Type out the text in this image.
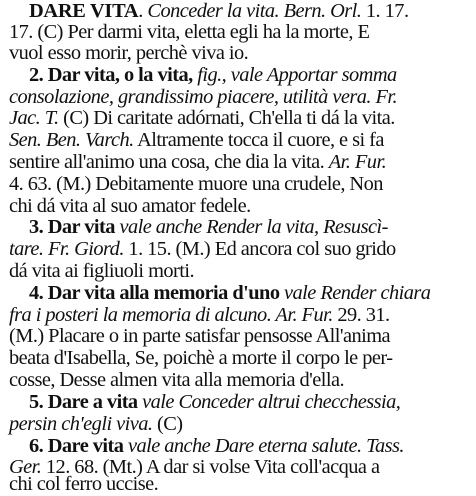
DARE VITA. Conceder la vita. Bern. Orl. 1. 17.
17. (C) Per darmi vita, eletta egli ha la morte, E
vuol esso morir, perchè viva io.
2. Dar vita, o la vita, fig., vale Apportar somma
consolazione, grandissimo piacere, utilità vera. Fr.
Jac. T. (C) Di caritate adórnati, Ch'ella ti dá la vita.
Sen. Ben. Varch. Altramente tocca il cuore, e si fa
sentire all'animo una cosa, che dia la vita. Ar. Fur.
4. 63. (M.) Debitamente muore una crudele, Non
chi dá vita al suo amator fedele.
3. Dar vita vale anche Render la vita, Resuscì-
tare. Fr. Giord. 1. 15. (M.) Ed ancora col suo grido
dá vita ai figliuoli morti.
4. Dar vita alla memoria d'uno vale Render chiara
fra i posteri la memoria di alcuno. Ar. Fur. 29. 31.
(M.) Placare o in parte satisfar pensosse All'anima
beata d'Isabella, Se, poichè a morte il corpo le per-
cosse, Desse almen vita alla memoria d'ella.
5. Dare a vita vale Conceder altrui checchessia,
persin ch'egli viva. (C)
6. Dare vita vale anche Dare eterna salute. Tass.
Ger. 12. 68. (Mt.) A dar si volse Vita coll'acqua a
chi col ferro uccise.
